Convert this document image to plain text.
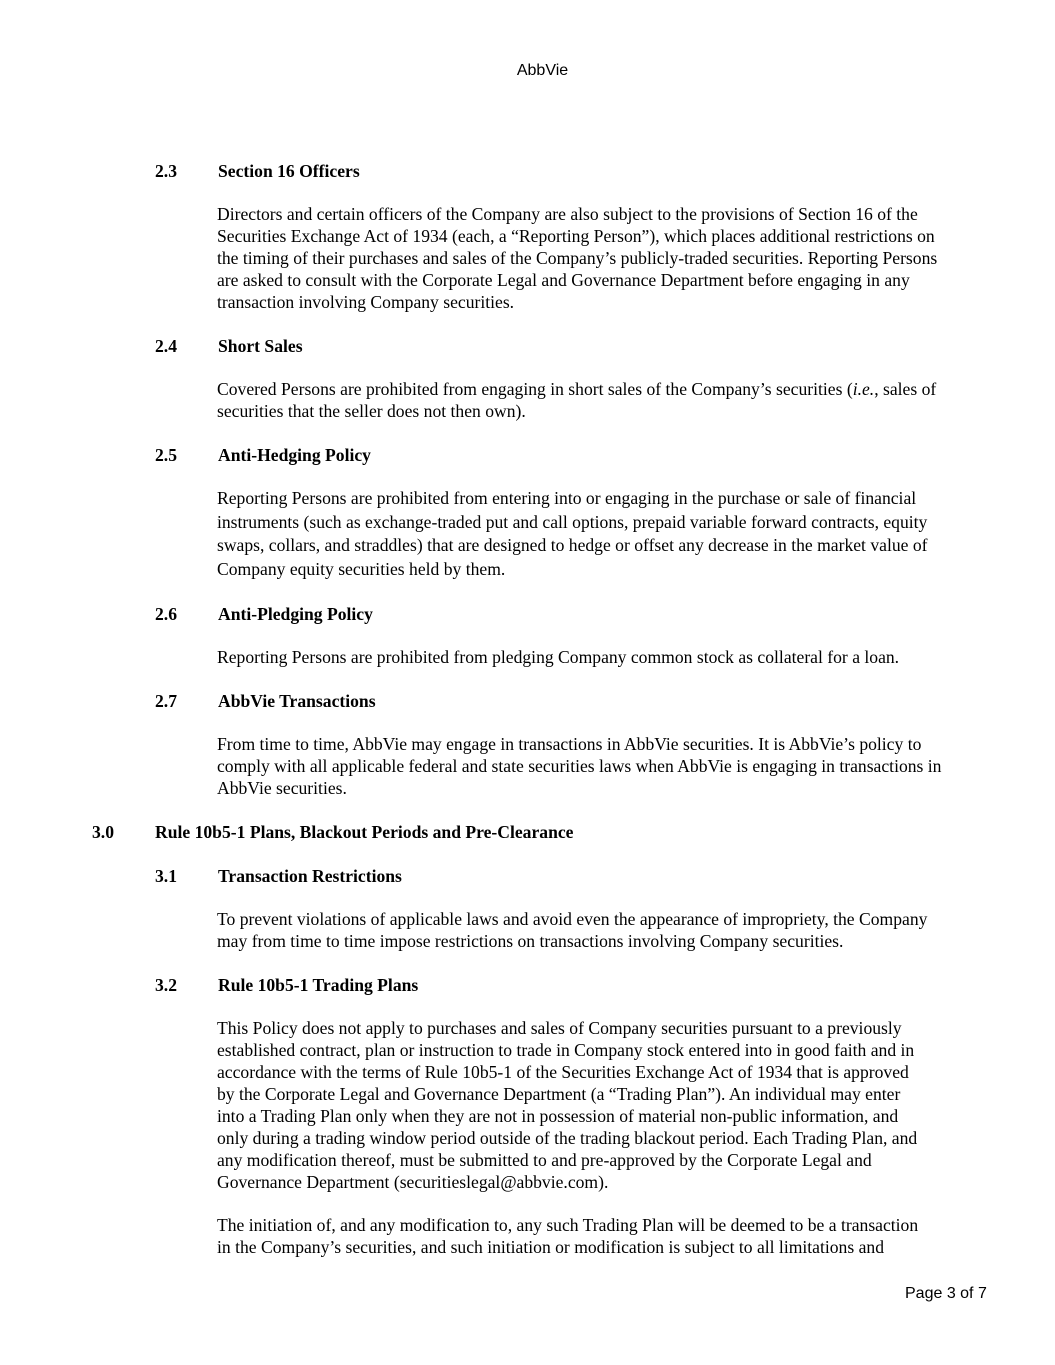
AbbVie
2.3 Section 16 Officers
Directors and certain officers of the Company are also subject to the provisions of Section 16 of the
Securities Exchange Act of 1934 (each, a “Reporting Person”), which places additional restrictions on
the timing of their purchases and sales of the Company’s publicly-traded securities. Reporting Persons
are asked to consult with the Corporate Legal and Governance Department before engaging in any
transaction involving Company securities.
2.4 Short Sales
Covered Persons are prohibited from engaging in short sales of the Company’s securities (i.e., sales of
securities that the seller does not then own).
2.5 Anti-Hedging Policy
Reporting Persons are prohibited from entering into or engaging in the purchase or sale of financial
instruments (such as exchange-traded put and call options, prepaid variable forward contracts, equity
swaps, collars, and straddles) that are designed to hedge or offset any decrease in the market value of
Company equity securities held by them.
2.6 Anti-Pledging Policy
Reporting Persons are prohibited from pledging Company common stock as collateral for a loan.
2.7 AbbVie Transactions
From time to time, AbbVie may engage in transactions in AbbVie securities. It is AbbVie’s policy to
comply with all applicable federal and state securities laws when AbbVie is engaging in transactions in
AbbVie securities.
3.0 Rule 10b5-1 Plans, Blackout Periods and Pre-Clearance
3.1 Transaction Restrictions
To prevent violations of applicable laws and avoid even the appearance of impropriety, the Company
may from time to time impose restrictions on transactions involving Company securities.
3.2 Rule 10b5-1 Trading Plans
This Policy does not apply to purchases and sales of Company securities pursuant to a previously
established contract, plan or instruction to trade in Company stock entered into in good faith and in
accordance with the terms of Rule 10b5-1 of the Securities Exchange Act of 1934 that is approved
by the Corporate Legal and Governance Department (a “Trading Plan”). An individual may enter
into a Trading Plan only when they are not in possession of material non-public information, and
only during a trading window period outside of the trading blackout period. Each Trading Plan, and
any modification thereof, must be submitted to and pre-approved by the Corporate Legal and
Governance Department (securitieslegal@abbvie.com).
The initiation of, and any modification to, any such Trading Plan will be deemed to be a transaction
in the Company’s securities, and such initiation or modification is subject to all limitations and
Page 3 of 7
